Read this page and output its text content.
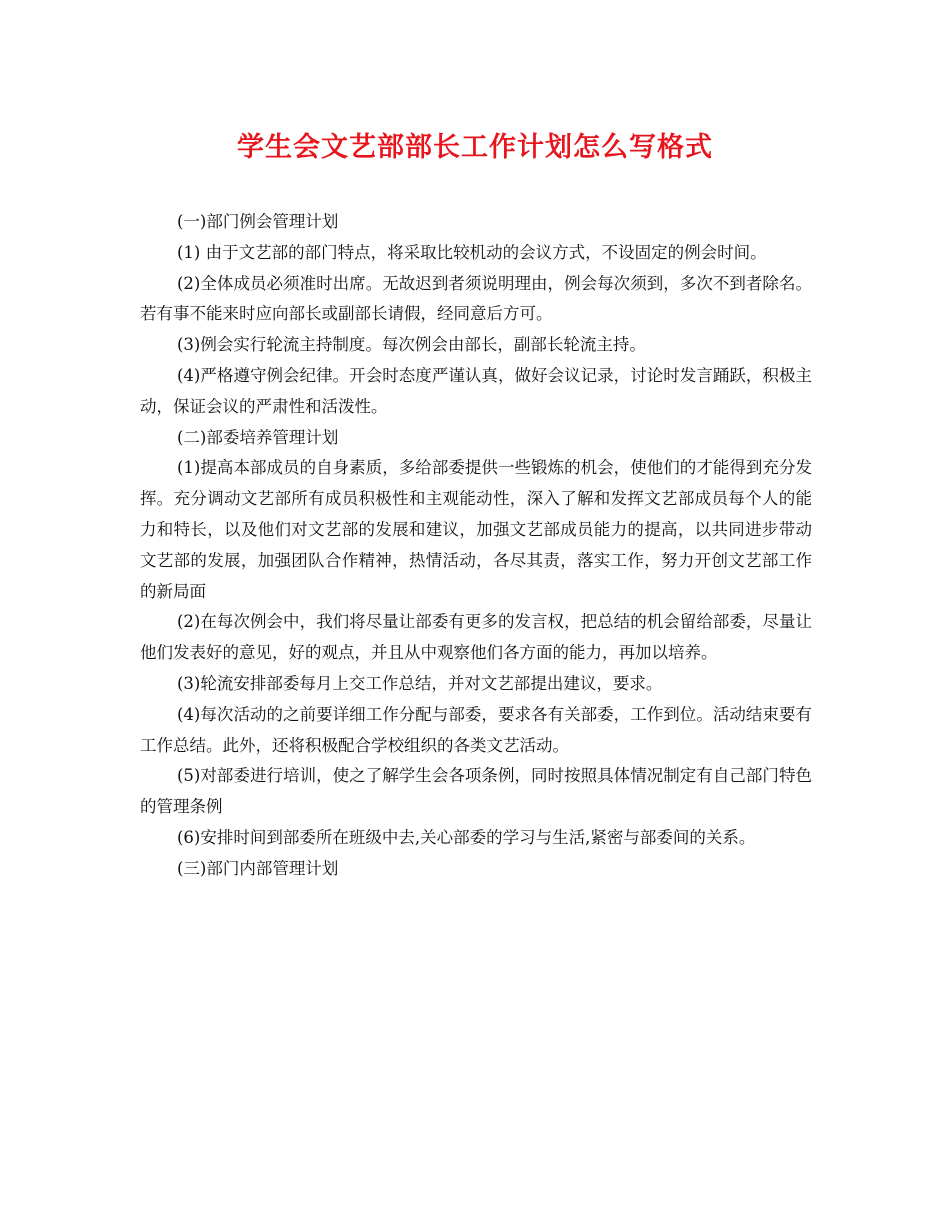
学生会文艺部部长工作计划怎么写格式

(一)部门例会管理计划

(1) 由于文艺部的部门特点，将采取比较机动的会议方式，不设固定的例会时间。

(2)全体成员必须准时出席。无故迟到者须说明理由，例会每次须到，多次不到者除名。若有事不能来时应向部长或副部长请假，经同意后方可。

(3)例会实行轮流主持制度。每次例会由部长，副部长轮流主持。

(4)严格遵守例会纪律。开会时态度严谨认真，做好会议记录，讨论时发言踊跃，积极主动，保证会议的严肃性和活泼性。

(二)部委培养管理计划

(1)提高本部成员的自身素质，多给部委提供一些锻炼的机会，使他们的才能得到充分发挥。充分调动文艺部所有成员积极性和主观能动性，深入了解和发挥文艺部成员每个人的能力和特长，以及他们对文艺部的发展和建议，加强文艺部成员能力的提高，以共同进步带动文艺部的发展，加强团队合作精神，热情活动，各尽其责，落实工作，努力开创文艺部工作的新局面

(2)在每次例会中，我们将尽量让部委有更多的发言权，把总结的机会留给部委，尽量让他们发表好的意见，好的观点，并且从中观察他们各方面的能力，再加以培养。

(3)轮流安排部委每月上交工作总结，并对文艺部提出建议，要求。

(4)每次活动的之前要详细工作分配与部委，要求各有关部委，工作到位。活动结束要有工作总结。此外，还将积极配合学校组织的各类文艺活动。

(5)对部委进行培训，使之了解学生会各项条例，同时按照具体情况制定有自己部门特色的管理条例

(6)安排时间到部委所在班级中去,关心部委的学习与生活,紧密与部委间的关系。

(三)部门内部管理计划
